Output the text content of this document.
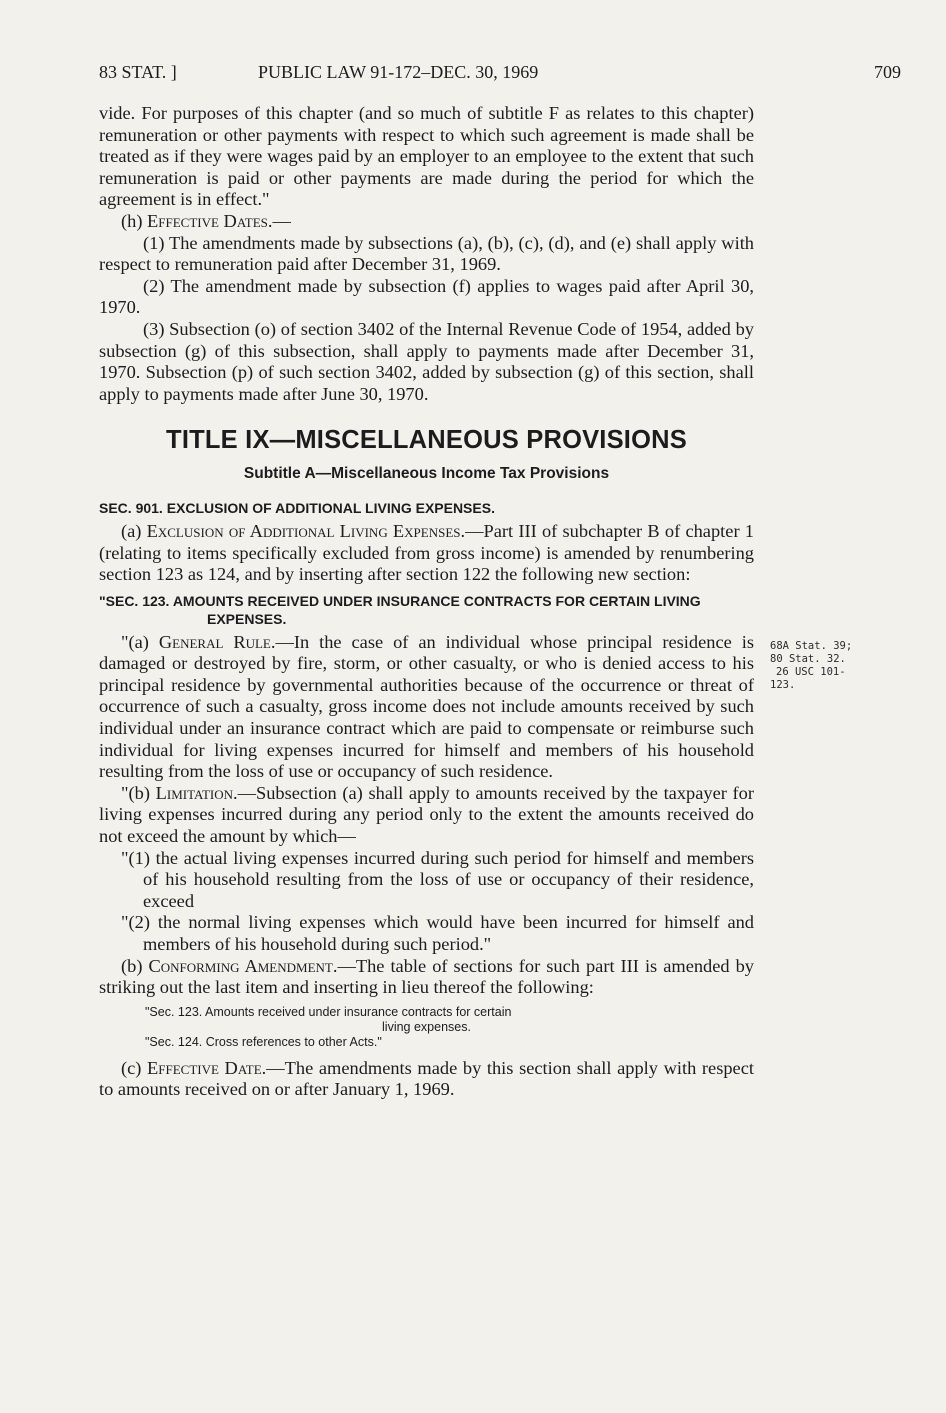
83 STAT. ]	PUBLIC LAW 91-172–DEC. 30, 1969	709

vide. For purposes of this chapter (and so much of subtitle F as relates to this chapter) remuneration or other payments with respect to which such agreement is made shall be treated as if they were wages paid by an employer to an employee to the extent that such remuneration is paid or other payments are made during the period for which the agreement is in effect."

(h) Effective Dates.—

(1) The amendments made by subsections (a), (b), (c), (d), and (e) shall apply with respect to remuneration paid after December 31, 1969.

(2) The amendment made by subsection (f) applies to wages paid after April 30, 1970.

(3) Subsection (o) of section 3402 of the Internal Revenue Code of 1954, added by subsection (g) of this subsection, shall apply to payments made after December 31, 1970. Subsection (p) of such section 3402, added by subsection (g) of this section, shall apply to payments made after June 30, 1970.

TITLE IX—MISCELLANEOUS PROVISIONS

Subtitle A—Miscellaneous Income Tax Provisions

SEC. 901. EXCLUSION OF ADDITIONAL LIVING EXPENSES.

(a) Exclusion of Additional Living Expenses.—Part III of subchapter B of chapter 1 (relating to items specifically excluded from gross income) is amended by renumbering section 123 as 124, and by inserting after section 122 the following new section:

"SEC. 123. AMOUNTS RECEIVED UNDER INSURANCE CONTRACTS FOR CERTAIN LIVING EXPENSES.

"(a) General Rule.—In the case of an individual whose principal residence is damaged or destroyed by fire, storm, or other casualty, or who is denied access to his principal residence by governmental authorities because of the occurrence or threat of occurrence of such a casualty, gross income does not include amounts received by such individual under an insurance contract which are paid to compensate or reimburse such individual for living expenses incurred for himself and members of his household resulting from the loss of use or occupancy of such residence.

"(b) Limitation.—Subsection (a) shall apply to amounts received by the taxpayer for living expenses incurred during any period only to the extent the amounts received do not exceed the amount by which—

"(1) the actual living expenses incurred during such period for himself and members of his household resulting from the loss of use or occupancy of their residence, exceed

"(2) the normal living expenses which would have been incurred for himself and members of his household during such period."

(b) Conforming Amendment.—The table of sections for such part III is amended by striking out the last item and inserting in lieu thereof the following:

"Sec. 123. Amounts received under insurance contracts for certain
living expenses.
"Sec. 124. Cross references to other Acts."

(c) Effective Date.—The amendments made by this section shall apply with respect to amounts received on or after January 1, 1969.

68A Stat. 39;
80 Stat. 32.
26 USC 101-
123.
